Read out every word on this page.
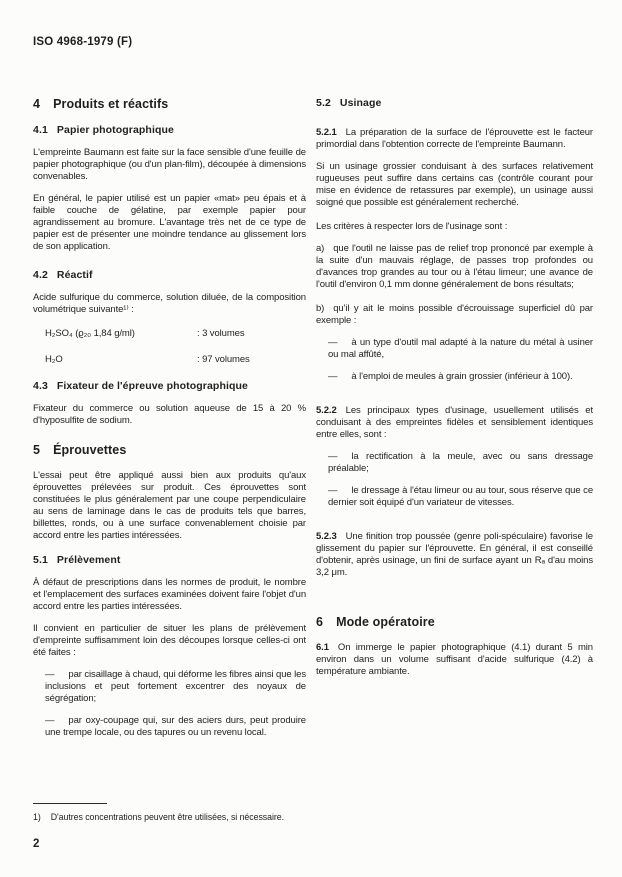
ISO 4968-1979 (F)
4 Produits et réactifs
4.1 Papier photographique

L'empreinte Baumann est faite sur la face sensible d'une feuille de papier photographique (ou d'un plan-film), découpée à dimensions convenables.

En général, le papier utilisé est un papier «mat» peu épais et à faible couche de gélatine, par exemple papier pour agrandissement au bromure. L'avantage très net de ce type de papier est de présenter une moindre tendance au glissement lors de son application.

4.2 Réactif

Acide sulfurique du commerce, solution diluée, de la composition volumétrique suivante¹⁾ :

H₂SO₄ (ϱ₂₀ 1,84 g/ml)	: 3 volumes
H₂O	: 97 volumes
4.3 Fixateur de l'épreuve photographique

Fixateur du commerce ou solution aqueuse de 15 à 20 % d'hyposulfite de sodium.

5 Éprouvettes

L'essai peut être appliqué aussi bien aux produits qu'aux éprouvettes prélevées sur produit. Ces éprouvettes sont constituées le plus généralement par une coupe perpendiculaire au sens de laminage dans le cas de produits tels que barres, billettes, ronds, ou à une surface convenablement choisie par accord entre les parties intéressées.

5.1 Prélèvement

À défaut de prescriptions dans les normes de produit, le nombre et l'emplacement des surfaces examinées doivent faire l'objet d'un accord entre les parties intéressées.

Il convient en particulier de situer les plans de prélèvement d'empreinte suffisamment loin des découpes lorsque celles-ci ont été faites :

— par cisaillage à chaud, qui déforme les fibres ainsi que les inclusions et peut fortement excentrer des noyaux de ségrégation;

— par oxy-coupage qui, sur des aciers durs, peut produire une trempe locale, ou des tapures ou un revenu local.

5.2 Usinage

5.2.1 La préparation de la surface de l'éprouvette est le facteur primordial dans l'obtention correcte de l'empreinte Baumann.

Si un usinage grossier conduisant à des surfaces relativement rugueuses peut suffire dans certains cas (contrôle courant pour mise en évidence de retassures par exemple), un usinage aussi soigné que possible est généralement recherché.

Les critères à respecter lors de l'usinage sont :

a) que l'outil ne laisse pas de relief trop prononcé par exemple à la suite d'un mauvais réglage, de passes trop profondes ou d'avances trop grandes au tour ou à l'étau limeur; une avance de l'outil d'environ 0,1 mm donne généralement de bons résultats;

b) qu'il y ait le moins possible d'écrouissage superficiel dû par exemple :

— à un type d'outil mal adapté à la nature du métal à usiner ou mal affûté,

— à l'emploi de meules à grain grossier (inférieur à 100).

5.2.2 Les principaux types d'usinage, usuellement utilisés et conduisant à des empreintes fidèles et sensiblement identiques entre elles, sont :

— la rectification à la meule, avec ou sans dressage préalable;

— le dressage à l'étau limeur ou au tour, sous réserve que ce dernier soit équipé d'un variateur de vitesses.

5.2.3 Une finition trop poussée (genre poli-spéculaire) favorise le glissement du papier sur l'éprouvette. En général, il est conseillé d'obtenir, après usinage, un fini de surface ayant un Rₐ d'au moins 3,2 μm.

6 Mode opératoire

6.1 On immerge le papier photographique (4.1) durant 5 min environ dans un volume suffisant d'acide sulfurique (4.2) à température ambiante.

1) D'autres concentrations peuvent être utilisées, si nécessaire.
2
